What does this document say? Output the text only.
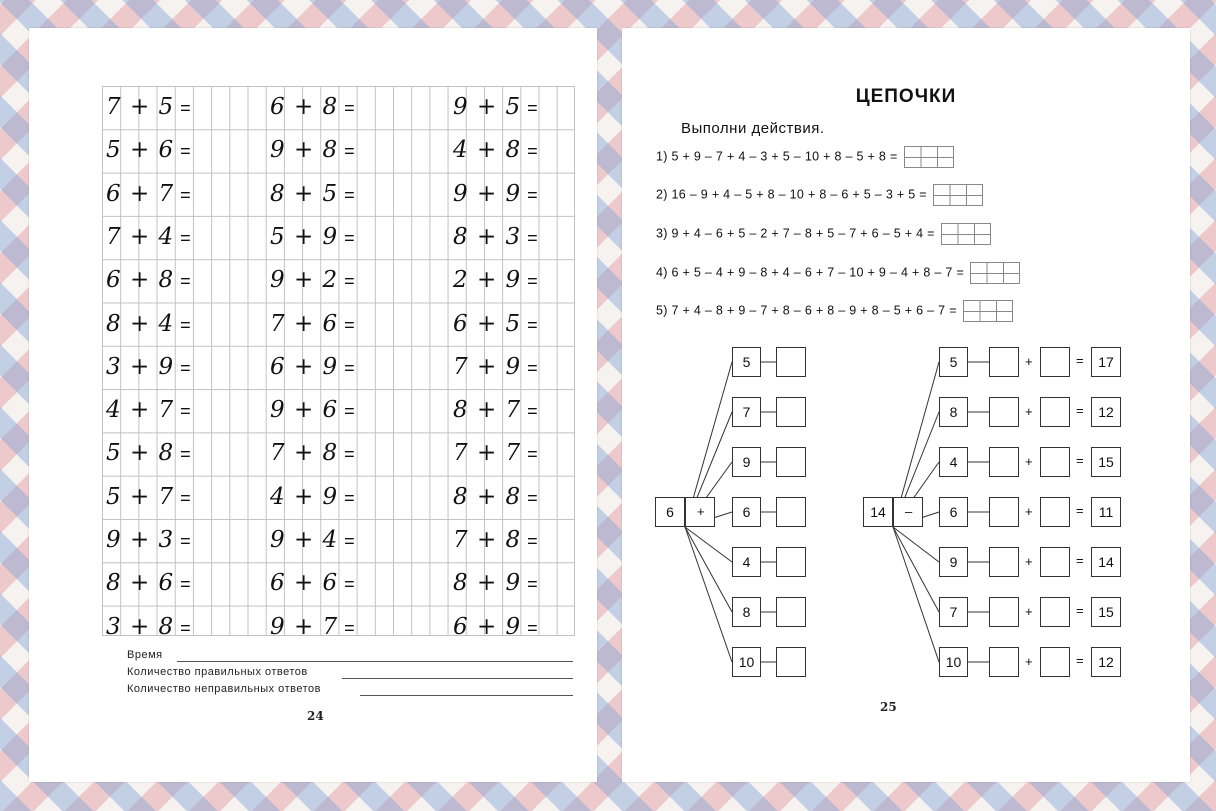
7 + 5 =	6 + 8 =	9 + 5 =
5 + 6 =	9 + 8 =	4 + 8 =
6 + 7 =	8 + 5 =	9 + 9 =
7 + 4 =	5 + 9 =	8 + 3 =
6 + 8 =	9 + 2 =	2 + 9 =
8 + 4 =	7 + 6 =	6 + 5 =
3 + 9 =	6 + 9 =	7 + 9 =
4 + 7 =	9 + 6 =	8 + 7 =
5 + 8 =	7 + 8 =	7 + 7 =
5 + 7 =	4 + 9 =	8 + 8 =
9 + 3 =	9 + 4 =	7 + 8 =
8 + 6 =	6 + 6 =	8 + 9 =
3 + 8 =	9 + 7 =	6 + 9 =
Время
Количество правильных ответов
Количество неправильных ответов
24
ЦЕПОЧКИ
Выполни действия.
1) 5 + 9 – 7 + 4 – 3 + 5 – 10 + 8 – 5 + 8 =
2) 16 – 9 + 4 – 5 + 8 – 10 + 8 – 6 + 5 – 3 + 5 =
3) 9 + 4 – 6 + 5 – 2 + 7 – 8 + 5 – 7 + 6 – 5 + 4 =
4) 6 + 5 – 4 + 9 – 8 + 4 – 6 + 7 – 10 + 9 – 4 + 8 – 7 =
5) 7 + 4 – 8 + 9 – 7 + 8 – 6 + 8 – 9 + 8 – 5 + 6 – 7 =
6	+
5
7
9
6
4
8
10
14	–
5	+	=	17
8	+	=	12
4	+	=	15
6	+	=	11
9	+	=	14
7	+	=	15
10	+	=	12
25
